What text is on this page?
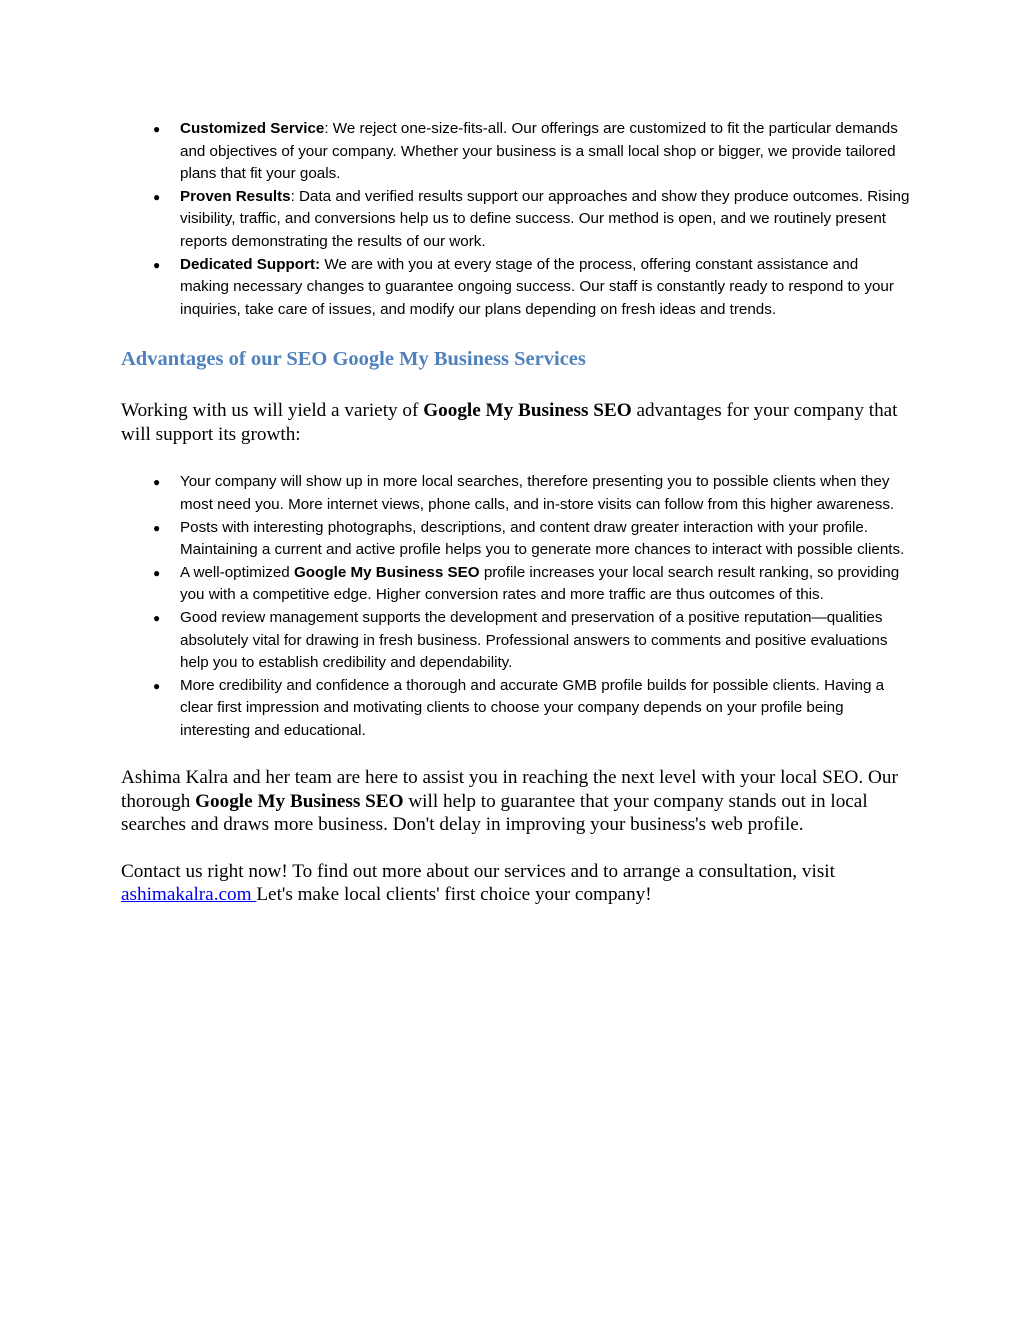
● Customized Service: We reject one-size-fits-all. Our offerings are customized to fit the particular demands and objectives of your company. Whether your business is a small local shop or bigger, we provide tailored plans that fit your goals.
● Proven Results: Data and verified results support our approaches and show they produce outcomes. Rising visibility, traffic, and conversions help us to define success. Our method is open, and we routinely present reports demonstrating the results of our work.
● Dedicated Support: We are with you at every stage of the process, offering constant assistance and making necessary changes to guarantee ongoing success. Our staff is constantly ready to respond to your inquiries, take care of issues, and modify our plans depending on fresh ideas and trends.
Advantages of our SEO Google My Business Services

Working with us will yield a variety of Google My Business SEO advantages for your company that will support its growth:

● Your company will show up in more local searches, therefore presenting you to possible clients when they most need you. More internet views, phone calls, and in-store visits can follow from this higher awareness.
● Posts with interesting photographs, descriptions, and content draw greater interaction with your profile. Maintaining a current and active profile helps you to generate more chances to interact with possible clients.
● A well-optimized Google My Business SEO profile increases your local search result ranking, so providing you with a competitive edge. Higher conversion rates and more traffic are thus outcomes of this.
● Good review management supports the development and preservation of a positive reputation—qualities absolutely vital for drawing in fresh business. Professional answers to comments and positive evaluations help you to establish credibility and dependability.
● More credibility and confidence a thorough and accurate GMB profile builds for possible clients. Having a clear first impression and motivating clients to choose your company depends on your profile being interesting and educational.

Ashima Kalra and her team are here to assist you in reaching the next level with your local SEO. Our thorough Google My Business SEO will help to guarantee that your company stands out in local searches and draws more business. Don't delay in improving your business's web profile.

Contact us right now! To find out more about our services and to arrange a consultation, visit ashimakalra.com Let's make local clients' first choice your company!
